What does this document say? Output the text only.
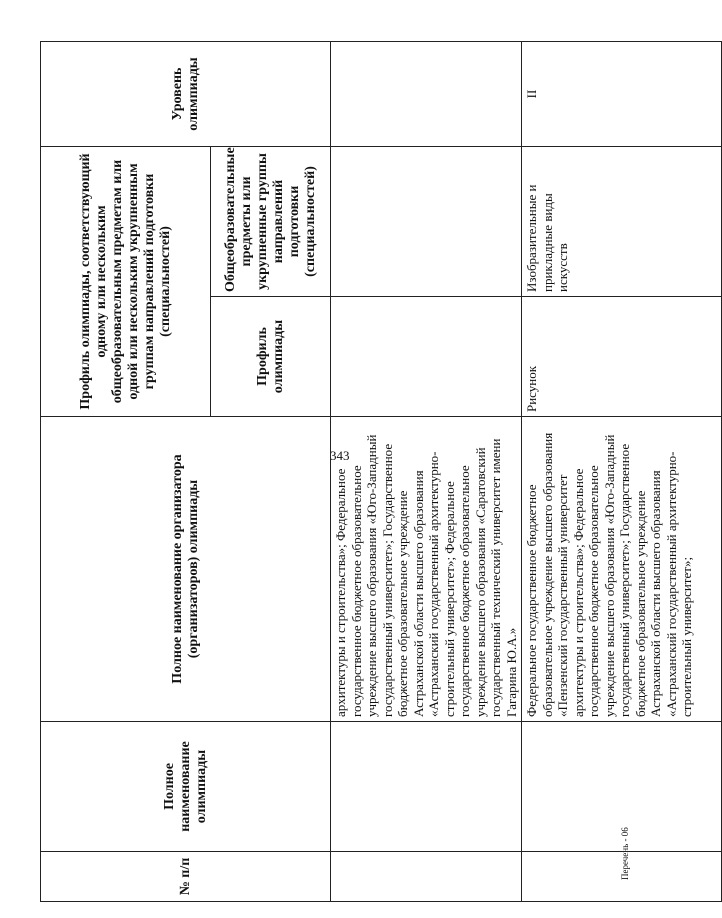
343
Перечень - 06
№ п/п	Полное наименование олимпиады	Полное наименование организатора (организаторов) олимпиады	Профиль олимпиады, соответствующий одному или нескольким общеобразовательным предметам или одной или нескольким укрупненным группам направлений подготовки (специальностей)		Уровень олимпиады
			Профиль олимпиады	Общеобразовательные предметы или укрупненные группы направлений подготовки (специальностей)	
		архитектуры и строительства»; Федеральное государственное бюджетное образовательное учреждение высшего образования «Юго-Западный государственный университет»; Государственное бюджетное образовательное учреждение Астраханской области высшего образования «Астраханский государственный архитектурно-строительный университет»; Федеральное государственное бюджетное образовательное учреждение высшего образования «Саратовский государственный технический университет имени Гагарина Ю.А.»			
		Федеральное государственное бюджетное образовательное учреждение высшего образования «Пензенский государственный университет архитектуры и строительства»; Федеральное государственное бюджетное образовательное учреждение высшего образования «Юго-Западный государственный университет»; Государственное бюджетное образовательное учреждение Астраханской области высшего образования «Астраханский государственный архитектурно-строительный университет»;	Рисунок	Изобразительные и прикладные виды искусств	II
